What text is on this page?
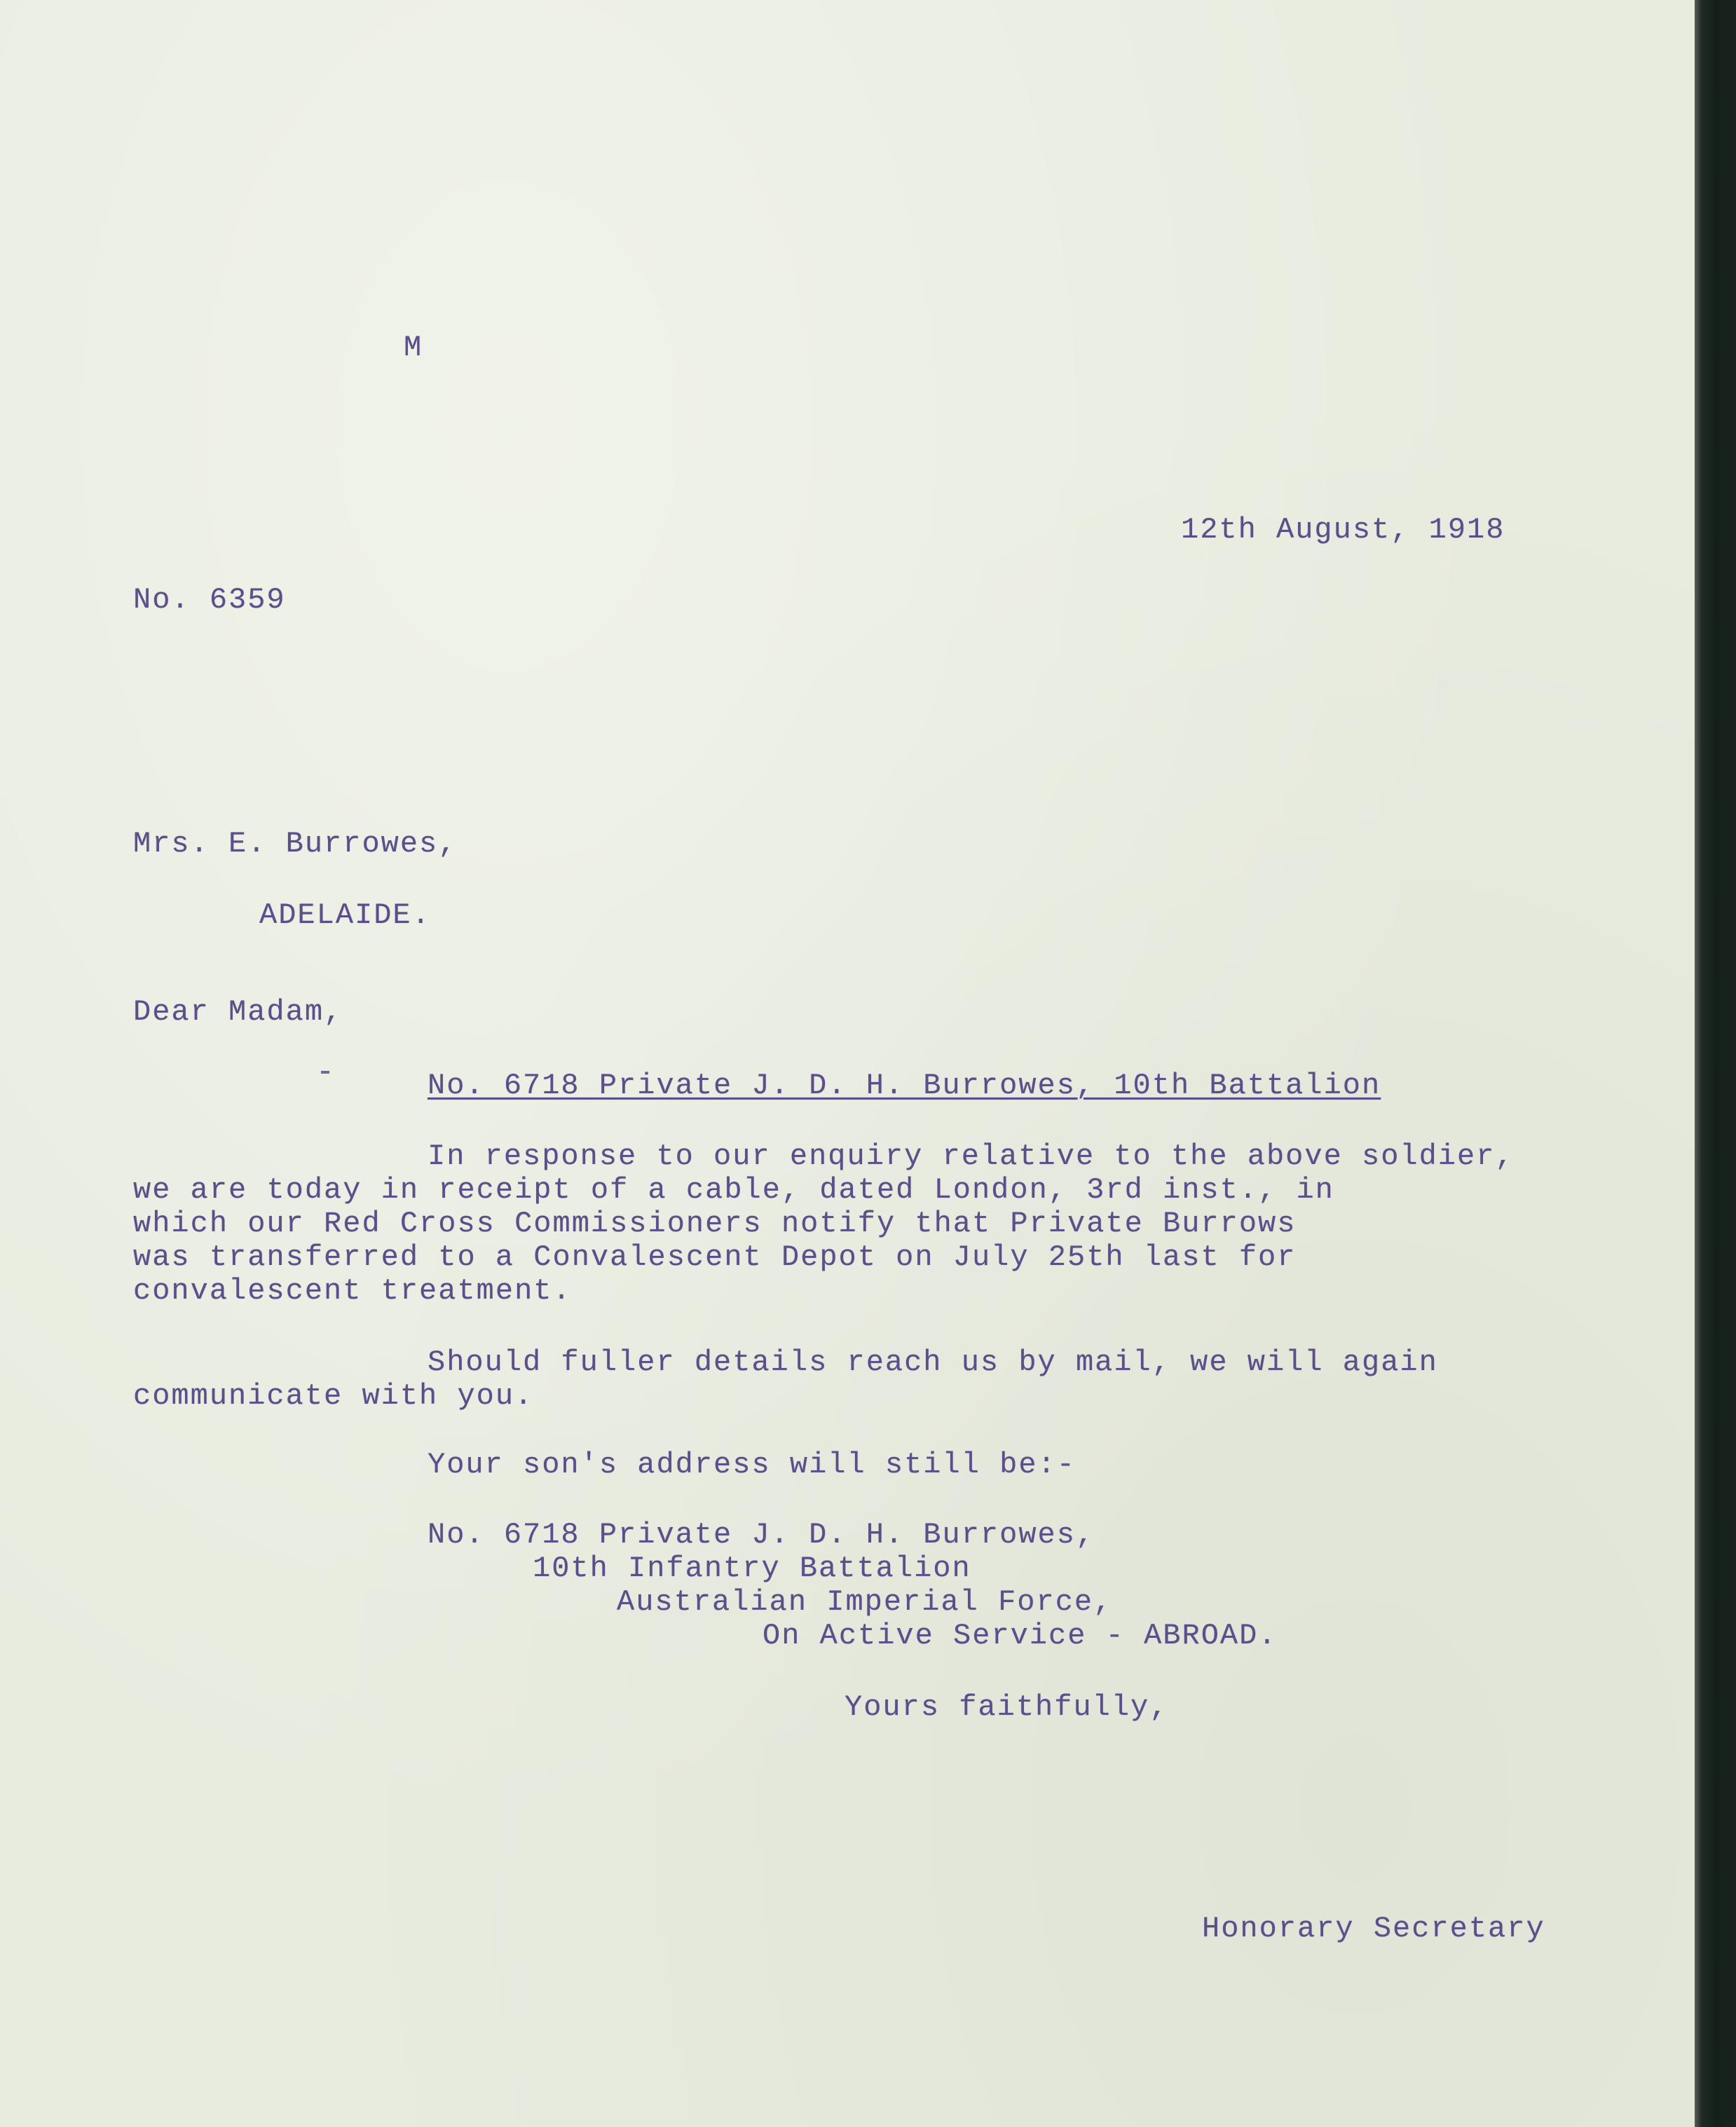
M
12th August, 1918
No. 6359
Mrs. E. Burrowes,
ADELAIDE.
Dear Madam,
No. 6718 Private J. D. H. Burrowes, 10th Battalion
In response to our enquiry relative to the above soldier,
we are today in receipt of a cable, dated London, 3rd inst., in
which our Red Cross Commissioners notify that Private Burrows
was transferred to a Convalescent Depot on July 25th last for
convalescent treatment.
Should fuller details reach us by mail, we will again
communicate with you.
Your son's address will still be:-
No. 6718 Private J. D. H. Burrowes,
10th Infantry Battalion
Australian Imperial Force,
On Active Service - ABROAD.
Yours faithfully,
Honorary Secretary
